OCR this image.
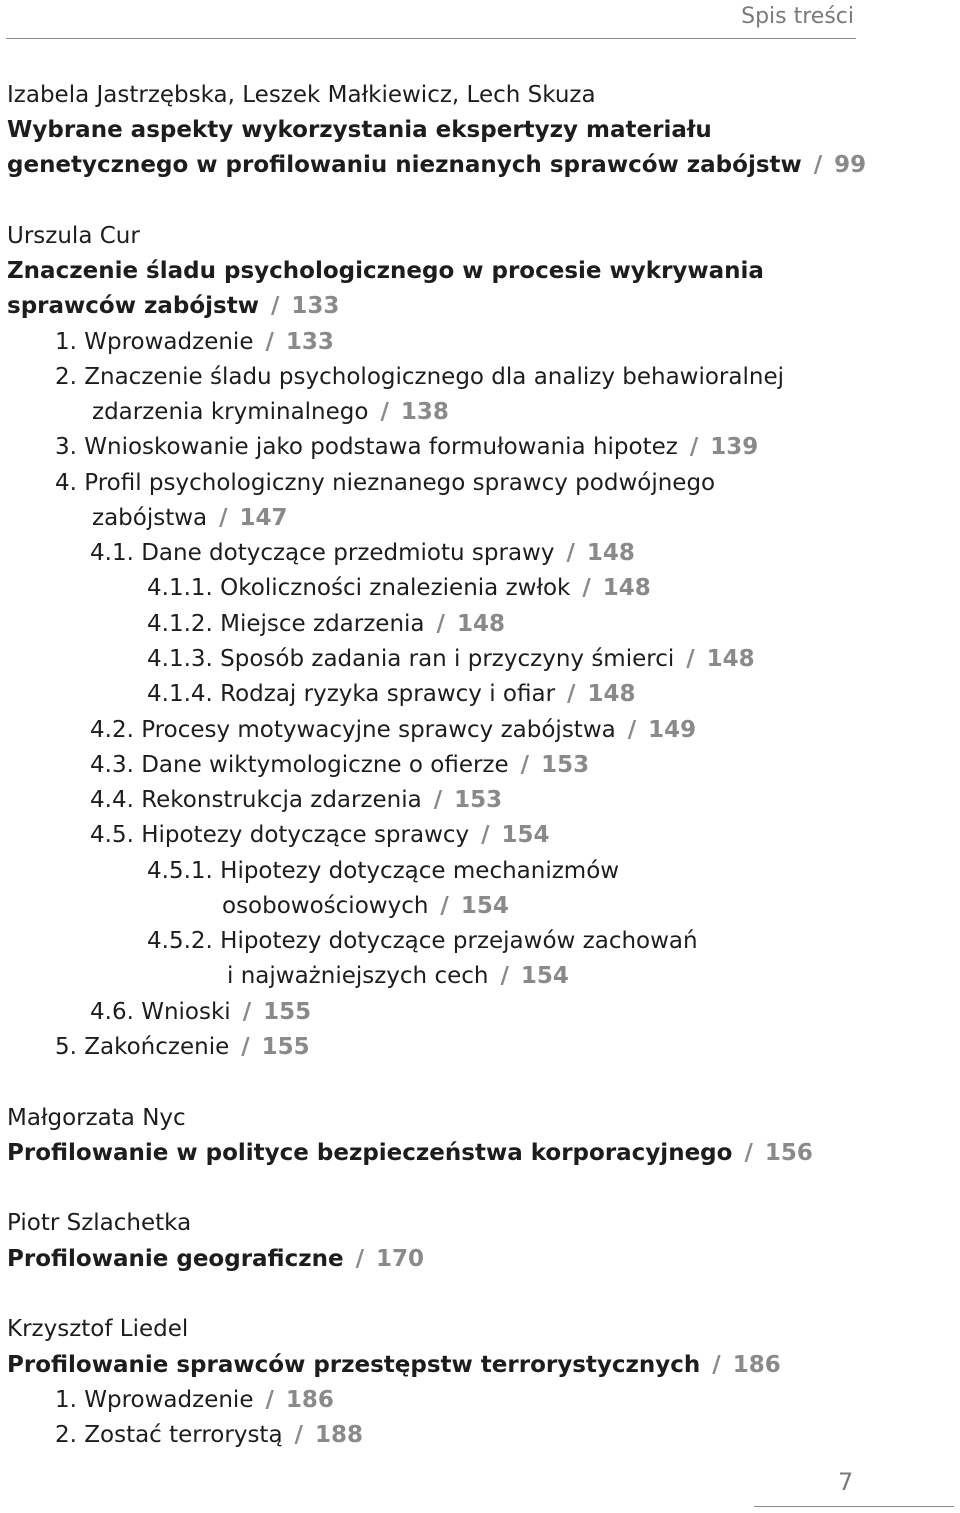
Spis treści
Izabela Jastrzębska, Leszek Małkiewicz, Lech Skuza
Wybrane aspekty wykorzystania ekspertyzy materiału
genetycznego w profilowaniu nieznanych sprawców zabójstw / 99
Urszula Cur
Znaczenie śladu psychologicznego w procesie wykrywania
sprawców zabójstw / 133
1. Wprowadzenie / 133
2. Znaczenie śladu psychologicznego dla analizy behawioralnej
zdarzenia kryminalnego / 138
3. Wnioskowanie jako podstawa formułowania hipotez / 139
4. Profil psychologiczny nieznanego sprawcy podwójnego
zabójstwa / 147
4.1. Dane dotyczące przedmiotu sprawy / 148
4.1.1. Okoliczności znalezienia zwłok / 148
4.1.2. Miejsce zdarzenia / 148
4.1.3. Sposób zadania ran i przyczyny śmierci / 148
4.1.4. Rodzaj ryzyka sprawcy i ofiar / 148
4.2. Procesy motywacyjne sprawcy zabójstwa / 149
4.3. Dane wiktymologiczne o ofierze / 153
4.4. Rekonstrukcja zdarzenia / 153
4.5. Hipotezy dotyczące sprawcy / 154
4.5.1. Hipotezy dotyczące mechanizmów
osobowościowych / 154
4.5.2. Hipotezy dotyczące przejawów zachowań
i najważniejszych cech / 154
4.6. Wnioski / 155
5. Zakończenie / 155
Małgorzata Nyc
Profilowanie w polityce bezpieczeństwa korporacyjnego / 156
Piotr Szlachetka
Profilowanie geograficzne / 170
Krzysztof Liedel
Profilowanie sprawców przestępstw terrorystycznych / 186
1. Wprowadzenie / 186
2. Zostać terrorystą / 188
7
